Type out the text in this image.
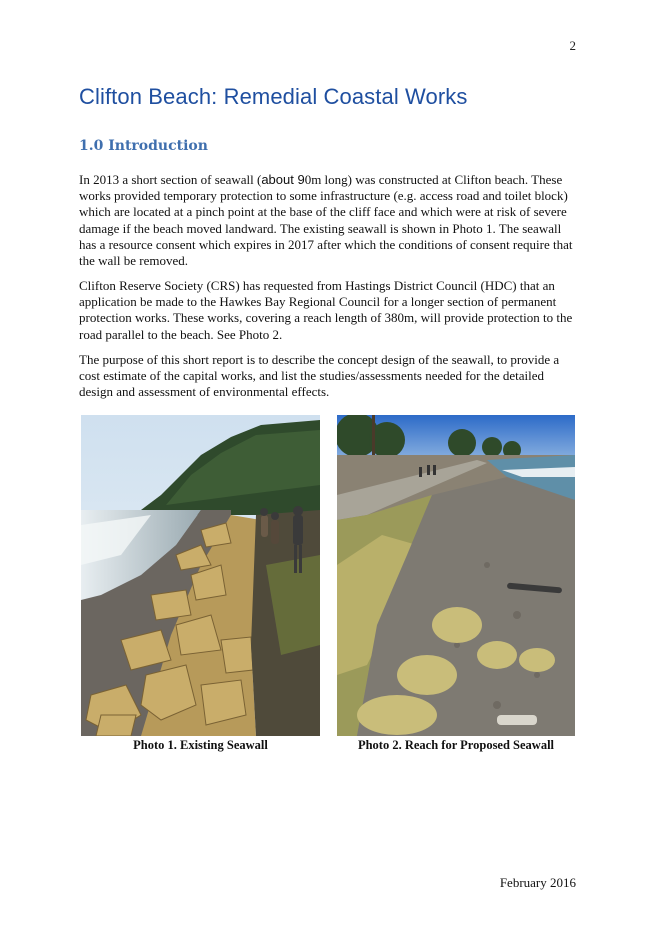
2
Clifton Beach: Remedial Coastal Works
1.0 Introduction

In 2013 a short section of seawall (about 90m long) was constructed at Clifton beach. These works provided temporary protection to some infrastructure (e.g. access road and toilet block) which are located at a pinch point at the base of the cliff face and which were at risk of severe damage if the beach moved landward. The existing seawall is shown in Photo 1. The seawall has a resource consent which expires in 2017 after which the conditions of consent require that the wall be removed.

Clifton Reserve Society (CRS) has requested from Hastings District Council (HDC) that an application be made to the Hawkes Bay Regional Council for a longer section of permanent protection works. These works, covering a reach length of 380m, will provide protection to the road parallel to the beach. See Photo 2.

The purpose of this short report is to describe the concept design of the seawall, to provide a cost estimate of the capital works, and list the studies/assessments needed for the detailed design and assessment of environmental effects.

Photo 1. Existing Seawall	Photo 2. Reach for Proposed Seawall
February 2016
